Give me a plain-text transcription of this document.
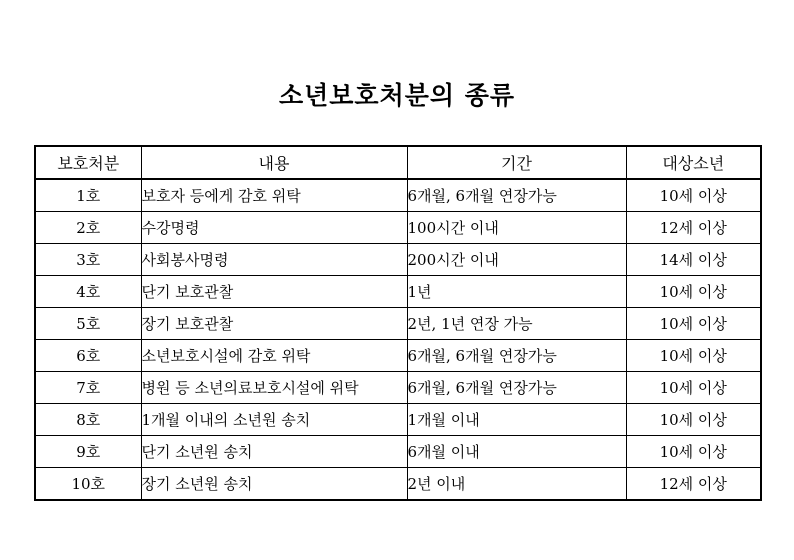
소년보호처분의 종류
보호처분	내용	기간	대상소년
1호	보호자 등에게 감호 위탁	6개월, 6개월 연장가능	10세 이상
2호	수강명령	100시간 이내	12세 이상
3호	사회봉사명령	200시간 이내	14세 이상
4호	단기 보호관찰	1년	10세 이상
5호	장기 보호관찰	2년, 1년 연장 가능	10세 이상
6호	소년보호시설에 감호 위탁	6개월, 6개월 연장가능	10세 이상
7호	병원 등 소년의료보호시설에 위탁	6개월, 6개월 연장가능	10세 이상
8호	1개월 이내의 소년원 송치	1개월 이내	10세 이상
9호	단기 소년원 송치	6개월 이내	10세 이상
10호	장기 소년원 송치	2년 이내	12세 이상
